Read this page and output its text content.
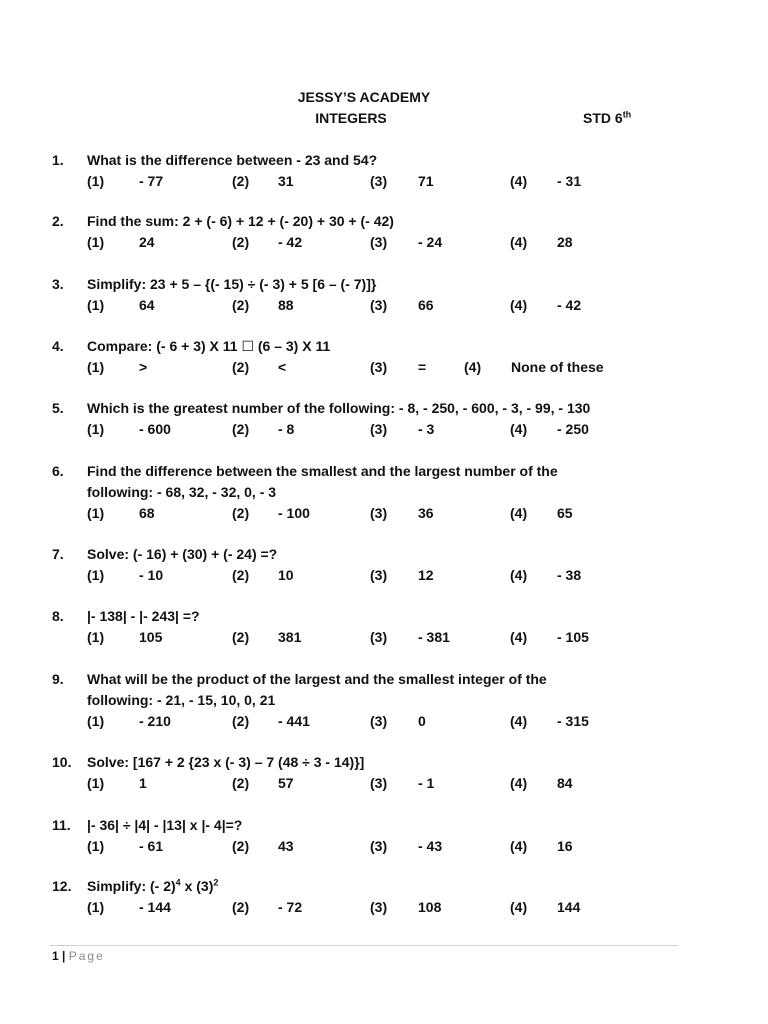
JESSY’S ACADEMY
INTEGERS	STD 6th
1.	What is the difference between - 23 and 54?
(1) - 77	(2) 31	(3) 71	(4) - 31
2.	Find the sum: 2 + (- 6) + 12 + (- 20) + 30 + (- 42)
(1) 24	(2) - 42	(3) - 24	(4) 28
3.	Simplify: 23 + 5 – {(- 15) ÷ (- 3) + 5 [6 – (- 7)]}
(1) 64	(2) 88	(3) 66	(4) - 42
4.	Compare: (- 6 + 3) X 11 ☐ (6 – 3) X 11
(1) >	(2) <	(3) =	(4) None of these
5.	Which is the greatest number of the following: - 8, - 250, - 600, - 3, - 99, - 130
(1) - 600	(2) - 8	(3) - 3	(4) - 250
6.	Find the difference between the smallest and the largest number of the
following: - 68, 32, - 32, 0, - 3
(1) 68	(2) - 100	(3) 36	(4) 65
7.	Solve: (- 16) + (30) + (- 24) =?
(1) - 10	(2) 10	(3) 12	(4) - 38
8.	|- 138| - |- 243| =?
(1) 105	(2) 381	(3) - 381	(4) - 105
9.	What will be the product of the largest and the smallest integer of the
following: - 21, - 15, 10, 0, 21
(1) - 210	(2) - 441	(3) 0	(4) - 315
10.	Solve: [167 + 2 {23 x (- 3) – 7 (48 ÷ 3 - 14)}]
(1) 1	(2) 57	(3) - 1	(4) 84
11.	|- 36| ÷ |4| - |13| x |- 4|=?
(1) - 61	(2) 43	(3) - 43	(4) 16
12.	Simplify: (- 2)$^4$ x $(3)^2$
(1) - 144	(2) - 72	(3) 108	(4) 144
1 | Page
